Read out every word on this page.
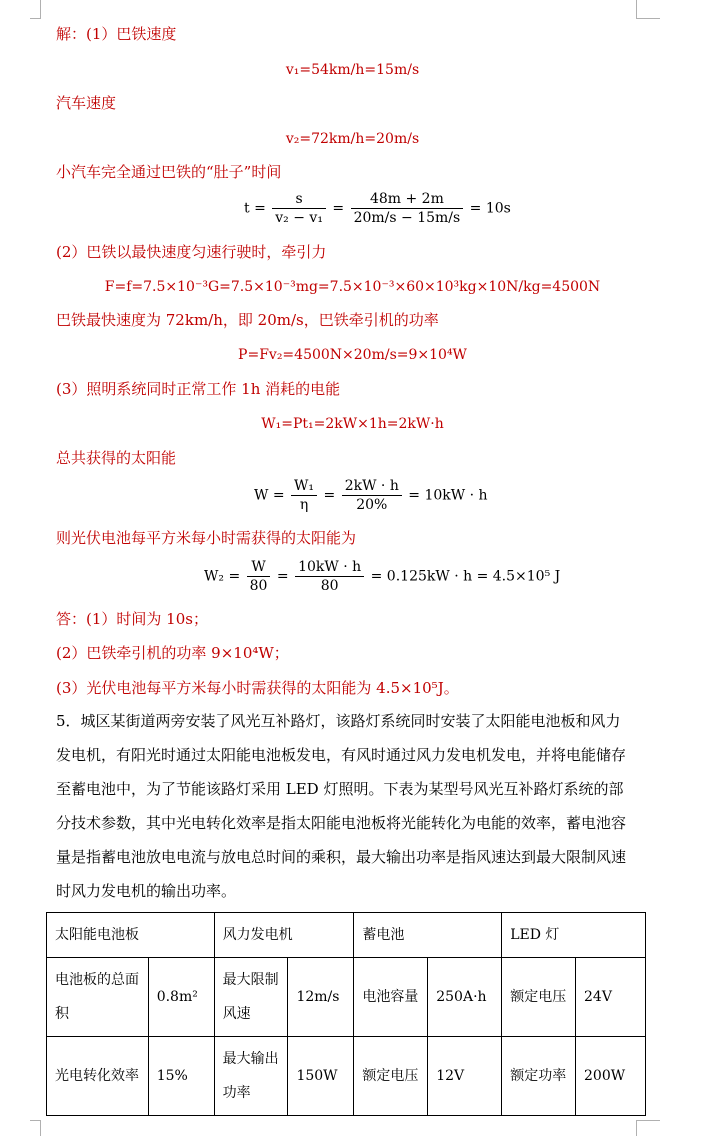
解：(1）巴铁速度
v₁=54km/h=15m/s
汽车速度
v₂=72km/h=20m/s
小汽车完全通过巴铁的“肚子”时间
$t = \frac{s}{\text{v₂ − v₁}} = \frac{48m + 2m}{20m/s - 15m/s} = 10s$
(2）巴铁以最快速度匀速行驶时，牵引力
F=f=7.5×10⁻³G=7.5×10⁻³mg=7.5×10⁻³×60×10³kg×10N/kg=4500N
巴铁最快速度为 72km/h，即 20m/s，巴铁牵引机的功率
P=Fv₂=4500N×20m/s=9×10⁴W
(3）照明系统同时正常工作 1h 消耗的电能
W₁=Pt₁=2kW×1h=2kW·h
总共获得的太阳能
$W = \frac{\text{W₁}}{\eta} = \frac{2kW \cdot h}{20\%} = 10kW \cdot h$
则光伏电池每平方米每小时需获得的太阳能为
$W_2 = \frac{W}{80} = \frac{10kW \cdot h}{80} = 0.125kW \cdot h = 4.5\times 10^5$ J
答：(1）时间为 10s；
(2）巴铁牵引机的功率 9×10⁴W；
(3）光伏电池每平方米每小时需获得的太阳能为 4.5×10⁵J。
5．城区某街道两旁安装了风光互补路灯，该路灯系统同时安装了太阳能电池板和风力
发电机，有阳光时通过太阳能电池板发电，有风时通过风力发电机发电，并将电能储存
至蓄电池中，为了节能该路灯采用 LED 灯照明。下表为某型号风光互补路灯系统的部
分技术参数，其中光电转化效率是指太阳能电池板将光能转化为电能的效率，蓄电池容
量是指蓄电池放电电流与放电总时间的乘积，最大输出功率是指风速达到最大限制风速
时风力发电机的输出功率。
太阳能电池板		风力发电机		蓄电池		LED 灯	
电池板的总面积	0.8m²	最大限制风速	12m/s	电池容量	250A·h	额定电压	24V
光电转化效率	15%	最大输出功率	150W	额定电压	12V	额定功率	200W
